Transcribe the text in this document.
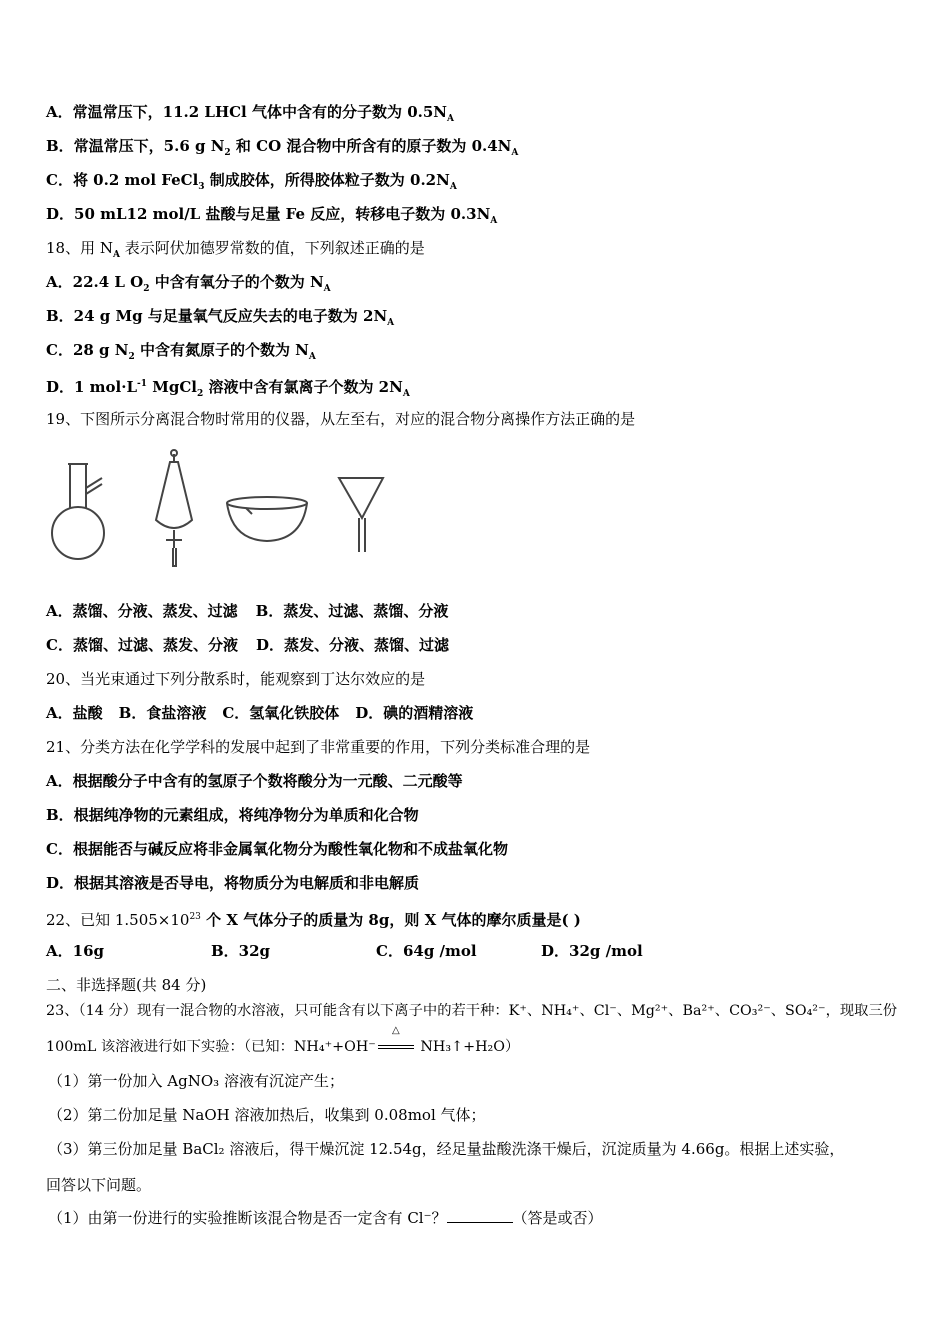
A．常温常压下，11.2 LHCl 气体中含有的分子数为 $0.5N_A$
B．常温常压下，5.6 g $N_2$ 和 CO 混合物中所含有的原子数为 $0.4N_A$
C．将 0.2 mol FeCl$_3$ 制成胶体，所得胶体粒子数为 $0.2N_A$
D．50 mL12 mol/L 盐酸与足量 Fe 反应，转移电子数为 $0.3N_A$
18、用 $N_A$ 表示阿伏加德罗常数的值，下列叙述正确的是
A．22.4 L $O_2$ 中含有氧分子的个数为 $N_A$
B．24 g Mg 与足量氧气反应失去的电子数为 $2N_A$
C．28 g $N_2$ 中含有氮原子的个数为 $N_A$
D．1 $mol\cdot L^{-1}$ MgCl$_2$ 溶液中含有氯离子个数为 $2N_A$
19、下图所示分离混合物时常用的仪器，从左至右，对应的混合物分离操作方法正确的是
A．蒸馏、分液、蒸发、过滤 B．蒸发、过滤、蒸馏、分液
C．蒸馏、过滤、蒸发、分液 D．蒸发、分液、蒸馏、过滤
20、当光束通过下列分散系时，能观察到丁达尔效应的是
A．盐酸 B．食盐溶液 C．氢氧化铁胶体 D．碘的酒精溶液
21、分类方法在化学学科的发展中起到了非常重要的作用，下列分类标准合理的是
A．根据酸分子中含有的氢原子个数将酸分为一元酸、二元酸等
B．根据纯净物的元素组成，将纯净物分为单质和化合物
C．根据能否与碱反应将非金属氧化物分为酸性氧化物和不成盐氧化物
D．根据其溶液是否导电，将物质分为电解质和非电解质
22、已知 $1.505\times 10^{23}$ 个 X 气体分子的质量为 8g，则 X 气体的摩尔质量是( )
A．16g	B．32g	C．64g /mol	D．32g /mol
二、非选择题(共 84 分)
23、（14 分）现有一混合物的水溶液，只可能含有以下离子中的若干种：K⁺、NH₄⁺、Cl⁻、Mg²⁺、Ba²⁺、CO₃²⁻、SO₄²⁻，现取三份
100mL 该溶液进行如下实验：（已知：NH₄⁺+OH⁻
△
NH₃↑+H₂O）
（1）第一份加入 AgNO₃ 溶液有沉淀产生；
（2）第二份加足量 NaOH 溶液加热后，收集到 0.08mol 气体；
（3）第三份加足量 BaCl₂ 溶液后，得干燥沉淀 12.54g，经足量盐酸洗涤干燥后，沉淀质量为 4.66g。根据上述实验，
回答以下问题。
（1）由第一份进行的实验推断该混合物是否一定含有 Cl⁻？	（答是或否）
